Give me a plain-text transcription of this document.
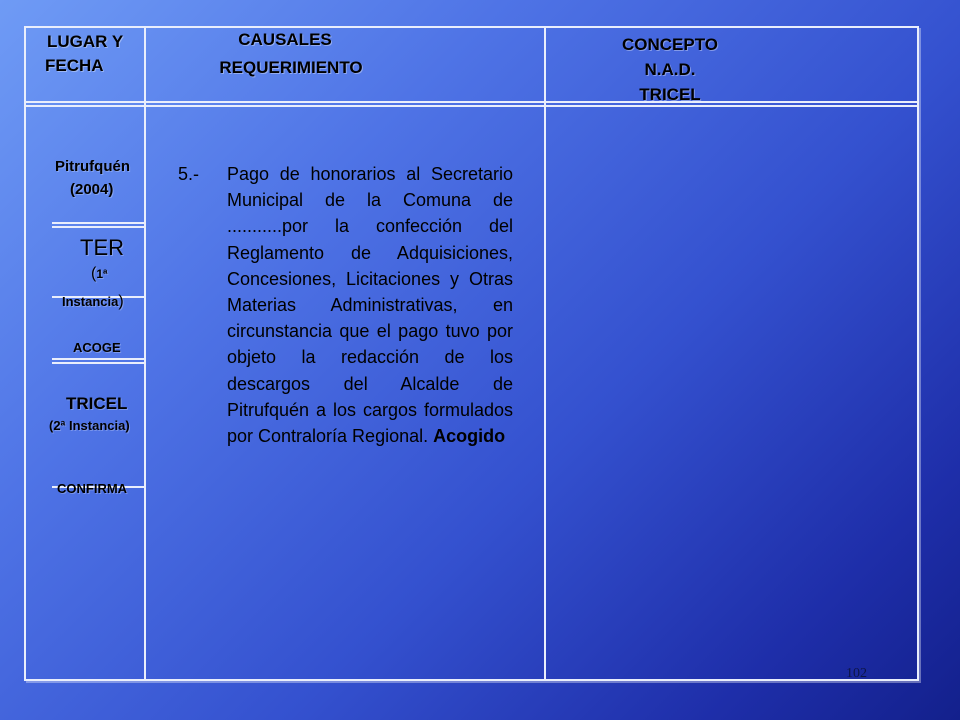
LUGAR Y
FECHA
CAUSALES
REQUERIMIENTO
CONCEPTO
N.A.D.
TRICEL
Pitrufquén
(2004)
TER
(1ª
Instancia)
ACOGE
TRICEL
(2ª Instancia)
CONFIRMA
5.- Pago de honorarios al Secretario Municipal de la Comuna de ...........por la confección del Reglamento de Adquisiciones, Concesiones, Licitaciones y Otras Materias Administrativas, en circunstancia que el pago tuvo por objeto la redacción de los descargos del Alcalde de Pitrufquén a los cargos formulados por Contraloría Regional. Acogido
102
